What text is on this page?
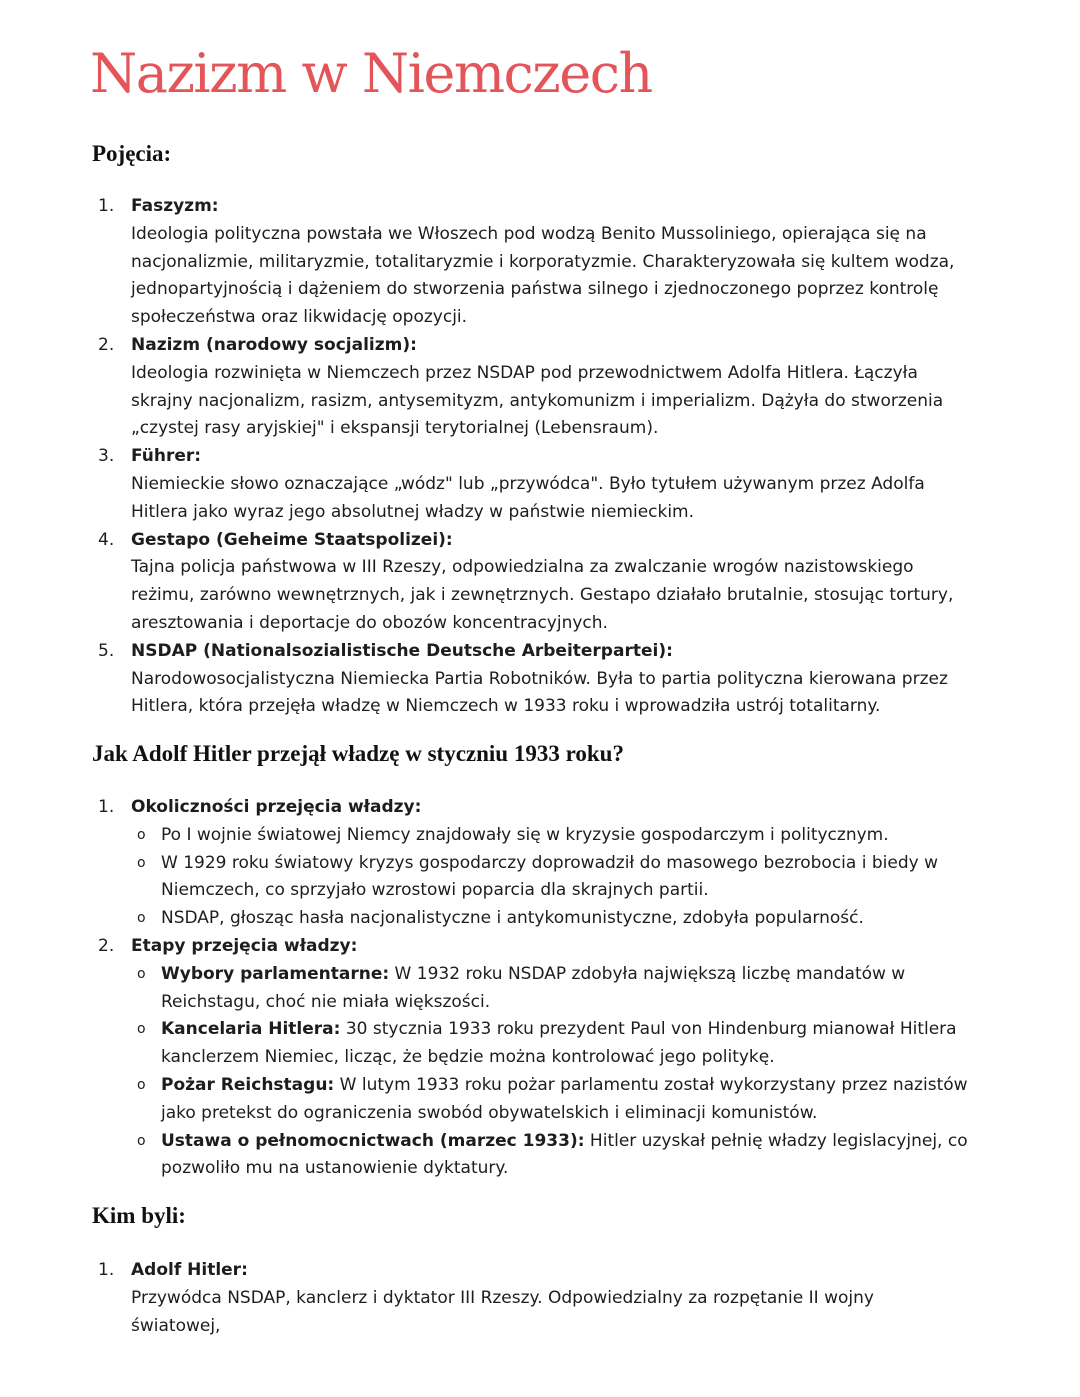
Nazizm w Niemczech
Pojęcia:
1. Faszyzm:
Ideologia polityczna powstała we Włoszech pod wodzą Benito Mussoliniego, opierająca się na nacjonalizmie, militaryzmie, totalitaryzmie i korporatyzmie. Charakteryzowała się kultem wodza, jednopartyjnością i dążeniem do stworzenia państwa silnego i zjednoczonego poprzez kontrolę społeczeństwa oraz likwidację opozycji.
2. Nazizm (narodowy socjalizm):
Ideologia rozwinięta w Niemczech przez NSDAP pod przewodnictwem Adolfa Hitlera. Łączyła skrajny nacjonalizm, rasizm, antysemityzm, antykomunizm i imperializm. Dążyła do stworzenia „czystej rasy aryjskiej" i ekspansji terytorialnej (Lebensraum).
3. Führer:
Niemieckie słowo oznaczające „wódz" lub „przywódca". Było tytułem używanym przez Adolfa Hitlera jako wyraz jego absolutnej władzy w państwie niemieckim.
4. Gestapo (Geheime Staatspolizei):
Tajna policja państwowa w III Rzeszy, odpowiedzialna za zwalczanie wrogów nazistowskiego reżimu, zarówno wewnętrznych, jak i zewnętrznych. Gestapo działało brutalnie, stosując tortury, aresztowania i deportacje do obozów koncentracyjnych.
5. NSDAP (Nationalsozialistische Deutsche Arbeiterpartei):
Narodowosocjalistyczna Niemiecka Partia Robotników. Była to partia polityczna kierowana przez Hitlera, która przejęła władzę w Niemczech w 1933 roku i wprowadziła ustrój totalitarny.
Jak Adolf Hitler przejął władzę w styczniu 1933 roku?
1. Okoliczności przejęcia władzy:
o Po I wojnie światowej Niemcy znajdowały się w kryzysie gospodarczym i politycznym.
o W 1929 roku światowy kryzys gospodarczy doprowadził do masowego bezrobocia i biedy w Niemczech, co sprzyjało wzrostowi poparcia dla skrajnych partii.
o NSDAP, głosząc hasła nacjonalistyczne i antykomunistyczne, zdobyła popularność.
2. Etapy przejęcia władzy:
o Wybory parlamentarne: W 1932 roku NSDAP zdobyła największą liczbę mandatów w Reichstagu, choć nie miała większości.
o Kancelaria Hitlera: 30 stycznia 1933 roku prezydent Paul von Hindenburg mianował Hitlera kanclerzem Niemiec, licząc, że będzie można kontrolować jego politykę.
o Pożar Reichstagu: W lutym 1933 roku pożar parlamentu został wykorzystany przez nazistów jako pretekst do ograniczenia swobód obywatelskich i eliminacji komunistów.
o Ustawa o pełnomocnictwach (marzec 1933): Hitler uzyskał pełnię władzy legislacyjnej, co pozwoliło mu na ustanowienie dyktatury.
Kim byli:
1. Adolf Hitler:
Przywódca NSDAP, kanclerz i dyktator III Rzeszy. Odpowiedzialny za rozpętanie II wojny światowej,
